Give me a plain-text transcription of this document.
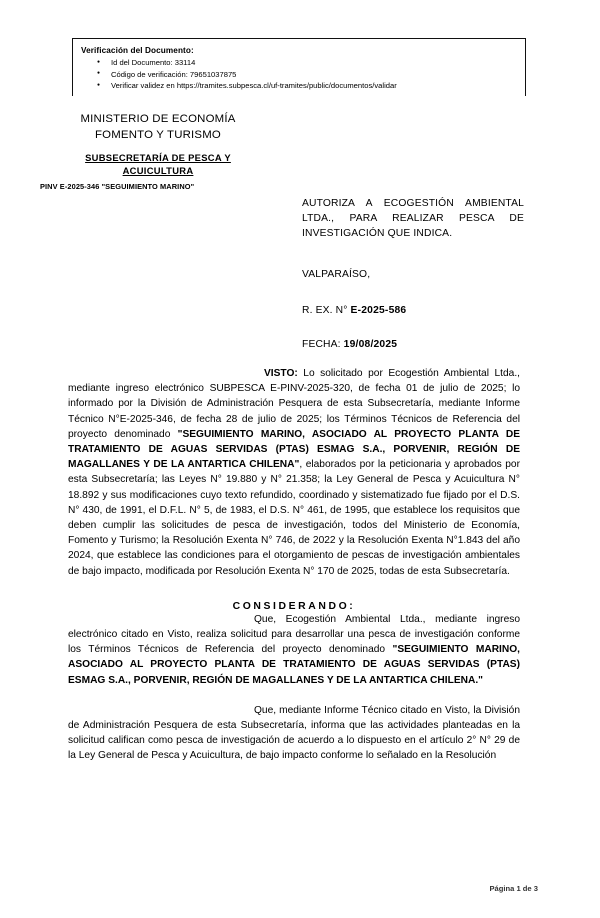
Verificación del Documento:
● Id del Documento: 33114
● Código de verificación: 79651037875
● Verificar validez en https://tramites.subpesca.cl/uf-tramites/public/documentos/validar
MINISTERIO DE ECONOMÍA
FOMENTO Y TURISMO
SUBSECRETARÍA DE PESCA Y
ACUICULTURA
PINV E-2025-346 "SEGUIMIENTO MARINO"
AUTORIZA A ECOGESTIÓN AMBIENTAL LTDA., PARA REALIZAR PESCA DE INVESTIGACIÓN QUE INDICA.
VALPARAÍSO,
R. EX. N° E-2025-586
FECHA: 19/08/2025

VISTO: Lo solicitado por Ecogestión Ambiental Ltda., mediante ingreso electrónico SUBPESCA E-PINV-2025-320, de fecha 01 de julio de 2025; lo informado por la División de Administración Pesquera de esta Subsecretaría, mediante Informe Técnico N°E-2025-346, de fecha 28 de julio de 2025; los Términos Técnicos de Referencia del proyecto denominado "SEGUIMIENTO MARINO, ASOCIADO AL PROYECTO PLANTA DE TRATAMIENTO DE AGUAS SERVIDAS (PTAS) ESMAG S.A., PORVENIR, REGIÓN DE MAGALLANES Y DE LA ANTARTICA CHILENA", elaborados por la peticionaria y aprobados por esta Subsecretaría; las Leyes N° 19.880 y N° 21.358; la Ley General de Pesca y Acuicultura N° 18.892 y sus modificaciones cuyo texto refundido, coordinado y sistematizado fue fijado por el D.S. N° 430, de 1991, el D.F.L. N° 5, de 1983, el D.S. N° 461, de 1995, que establece los requisitos que deben cumplir las solicitudes de pesca de investigación, todos del Ministerio de Economía, Fomento y Turismo; la Resolución Exenta N° 746, de 2022 y la Resolución Exenta N°1.843 del año 2024, que establece las condiciones para el otorgamiento de pescas de investigación ambientales de bajo impacto, modificada por Resolución Exenta N° 170 de 2025, todas de esta Subsecretaría.

CONSIDERANDO:

Que, Ecogestión Ambiental Ltda., mediante ingreso electrónico citado en Visto, realiza solicitud para desarrollar una pesca de investigación conforme los Términos Técnicos de Referencia del proyecto denominado "SEGUIMIENTO MARINO, ASOCIADO AL PROYECTO PLANTA DE TRATAMIENTO DE AGUAS SERVIDAS (PTAS) ESMAG S.A., PORVENIR, REGIÓN DE MAGALLANES Y DE LA ANTARTICA CHILENA."

Que, mediante Informe Técnico citado en Visto, la División de Administración Pesquera de esta Subsecretaría, informa que las actividades planteadas en la solicitud califican como pesca de investigación de acuerdo a lo dispuesto en el artículo 2° N° 29 de la Ley General de Pesca y Acuicultura, de bajo impacto conforme lo señalado en la Resolución

Página 1 de 3
